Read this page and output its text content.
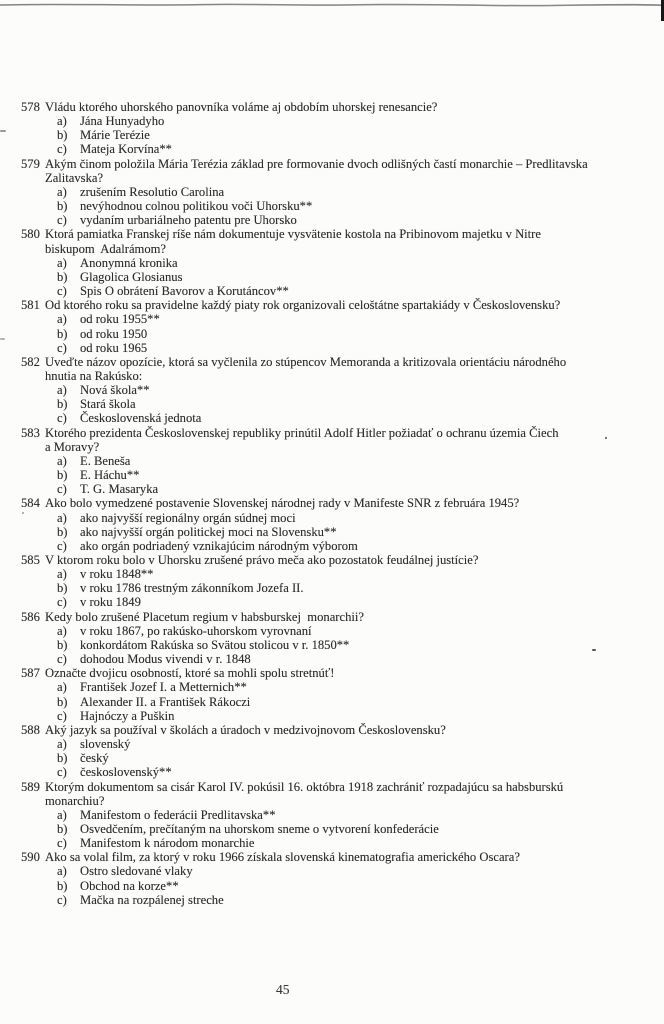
578 Vládu ktorého uhorského panovníka voláme aj obdobím uhorskej renesancie?
a) Jána Hunyadyho
b) Márie Terézie
c) Mateja Korvína**
579 Akým činom položila Mária Terézia základ pre formovanie dvoch odlišných častí monarchie – Predlitavska
Zalitavska?
a) zrušením Resolutio Carolina
b) nevýhodnou colnou politikou voči Uhorsku**
c) vydaním urbariálneho patentu pre Uhorsko
580 Ktorá pamiatka Franskej ríše nám dokumentuje vysvätenie kostola na Pribinovom majetku v Nitre
biskupom  Adalrámom?
a) Anonymná kronika
b) Glagolica Glosianus
c) Spis O obrátení Bavorov a Korutáncov**
581 Od ktorého roku sa pravidelne každý piaty rok organizovali celoštátne spartakiády v Československu?
a) od roku 1955**
b) od roku 1950
c) od roku 1965
582 Uveďte názov opozície, ktorá sa vyčlenila zo stúpencov Memoranda a kritizovala orientáciu národného
hnutia na Rakúsko:
a) Nová škola**
b) Stará škola
c) Československá jednota
583 Ktorého prezidenta Československej republiky prinútil Adolf Hitler požiadať o ochranu územia Čiech
a Moravy?
a) E. Beneša
b) E. Háchu**
c) T. G. Masaryka
584 Ako bolo vymedzené postavenie Slovenskej národnej rady v Manifeste SNR z februára 1945?
a) ako najvyšší regionálny orgán súdnej moci
b) ako najvyšší orgán politickej moci na Slovensku**
c) ako orgán podriadený vznikajúcim národným výborom
585 V ktorom roku bolo v Uhorsku zrušené právo meča ako pozostatok feudálnej justície?
a) v roku 1848**
b) v roku 1786 trestným zákonníkom Jozefa II.
c) v roku 1849
586 Kedy bolo zrušené Placetum regium v habsburskej  monarchii?
a) v roku 1867, po rakúsko-uhorskom vyrovnaní
b) konkordátom Rakúska so Svätou stolicou v r. 1850**
c) dohodou Modus vivendi v r. 1848
587 Označte dvojicu osobností, ktoré sa mohli spolu stretnúť!
a) František Jozef I. a Metternich**
b) Alexander II. a František Rákoczi
c) Hajnóczy a Puškin
588 Aký jazyk sa používal v školách a úradoch v medzivojnovom Československu?
a) slovenský
b) český
c) československý**
589 Ktorým dokumentom sa cisár Karol IV. pokúsil 16. októbra 1918 zachrániť rozpadajúcu sa habsburskú
monarchiu?
a) Manifestom o federácii Predlitavska**
b) Osvedčením, prečítaným na uhorskom sneme o vytvorení konfederácie
c) Manifestom k národom monarchie
590 Ako sa volal film, za ktorý v roku 1966 získala slovenská kinematografia amerického Oscara?
a) Ostro sledované vlaky
b) Obchod na korze**
c) Mačka na rozpálenej streche
45
